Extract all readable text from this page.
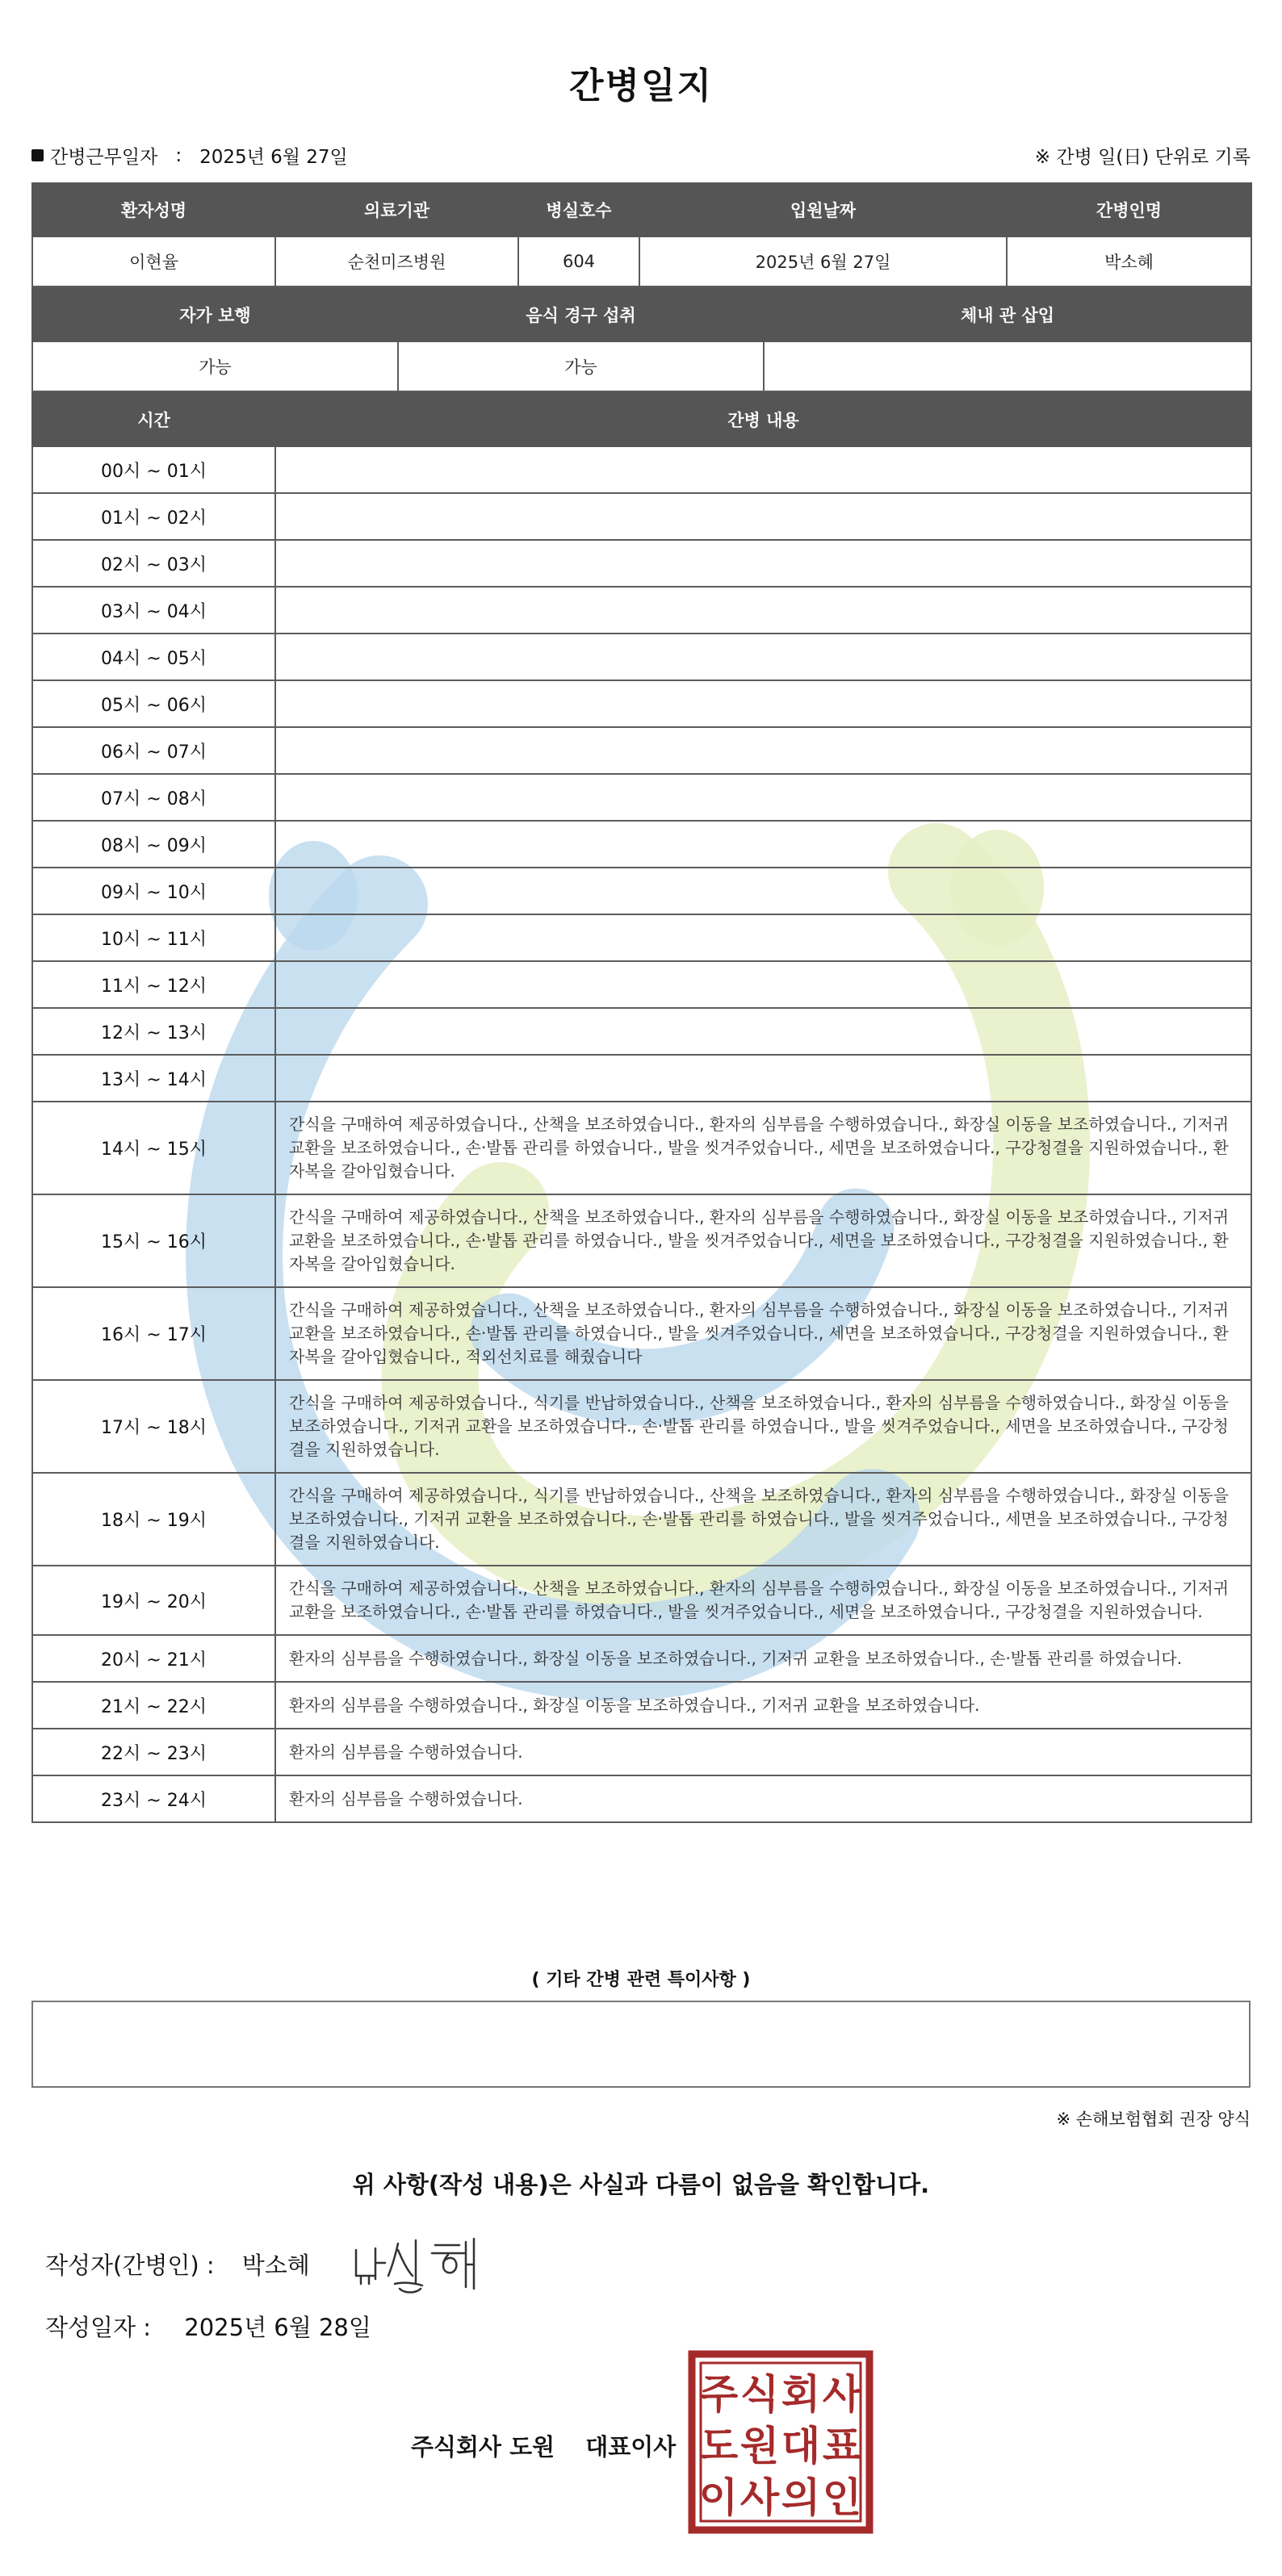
간병일지
간병근무일자 : 2025년 6월 27일	※ 간병 일(日) 단위로 기록
환자성명	의료기관	병실호수	입원날짜	간병인명
이현율	순천미즈병원	604	2025년 6월 27일	박소혜
자가 보행	음식 경구 섭취	체내 관 삽입
가능	가능	
시간	간병 내용
00시 ~ 01시	
01시 ~ 02시	
02시 ~ 03시	
03시 ~ 04시	
04시 ~ 05시	
05시 ~ 06시	
06시 ~ 07시	
07시 ~ 08시	
08시 ~ 09시	
09시 ~ 10시	
10시 ~ 11시	
11시 ~ 12시	
12시 ~ 13시	
13시 ~ 14시	
14시 ~ 15시	간식을 구매하여 제공하였습니다., 산책을 보조하였습니다., 환자의 심부름을 수행하였습니다., 화장실 이동을 보조하였습니다., 기저귀 교환을 보조하였습니다., 손·발톱 관리를 하였습니다., 발을 씻겨주었습니다., 세면을 보조하였습니다., 구강청결을 지원하였습니다., 환자복을 갈아입혔습니다.
15시 ~ 16시	간식을 구매하여 제공하였습니다., 산책을 보조하였습니다., 환자의 심부름을 수행하였습니다., 화장실 이동을 보조하였습니다., 기저귀 교환을 보조하였습니다., 손·발톱 관리를 하였습니다., 발을 씻겨주었습니다., 세면을 보조하였습니다., 구강청결을 지원하였습니다., 환자복을 갈아입혔습니다.
16시 ~ 17시	간식을 구매하여 제공하였습니다., 산책을 보조하였습니다., 환자의 심부름을 수행하였습니다., 화장실 이동을 보조하였습니다., 기저귀 교환을 보조하였습니다., 손·발톱 관리를 하였습니다., 발을 씻겨주었습니다., 세면을 보조하였습니다., 구강청결을 지원하였습니다., 환자복을 갈아입혔습니다., 적외선치료를 해줬습니다
17시 ~ 18시	간식을 구매하여 제공하였습니다., 식기를 반납하였습니다., 산책을 보조하였습니다., 환자의 심부름을 수행하였습니다., 화장실 이동을 보조하였습니다., 기저귀 교환을 보조하였습니다., 손·발톱 관리를 하였습니다., 발을 씻겨주었습니다., 세면을 보조하였습니다., 구강청결을 지원하였습니다.
18시 ~ 19시	간식을 구매하여 제공하였습니다., 식기를 반납하였습니다., 산책을 보조하였습니다., 환자의 심부름을 수행하였습니다., 화장실 이동을 보조하였습니다., 기저귀 교환을 보조하였습니다., 손·발톱 관리를 하였습니다., 발을 씻겨주었습니다., 세면을 보조하였습니다., 구강청결을 지원하였습니다.
19시 ~ 20시	간식을 구매하여 제공하였습니다., 산책을 보조하였습니다., 환자의 심부름을 수행하였습니다., 화장실 이동을 보조하였습니다., 기저귀 교환을 보조하였습니다., 손·발톱 관리를 하였습니다., 발을 씻겨주었습니다., 세면을 보조하였습니다., 구강청결을 지원하였습니다.
20시 ~ 21시	환자의 심부름을 수행하였습니다., 화장실 이동을 보조하였습니다., 기저귀 교환을 보조하였습니다., 손·발톱 관리를 하였습니다.
21시 ~ 22시	환자의 심부름을 수행하였습니다., 화장실 이동을 보조하였습니다., 기저귀 교환을 보조하였습니다.
22시 ~ 23시	환자의 심부름을 수행하였습니다.
23시 ~ 24시	환자의 심부름을 수행하였습니다.
( 기타 간병 관련 특이사항 )
※ 손해보험협회 권장 양식
위 사항(작성 내용)은 사실과 다름이 없음을 확인합니다.
작성자(간병인) : 박소혜
작성일자 : 2025년 6월 28일
주식회사 도원 대표이사
주 식 회 사
도 원 대 표
이 사 의 인
